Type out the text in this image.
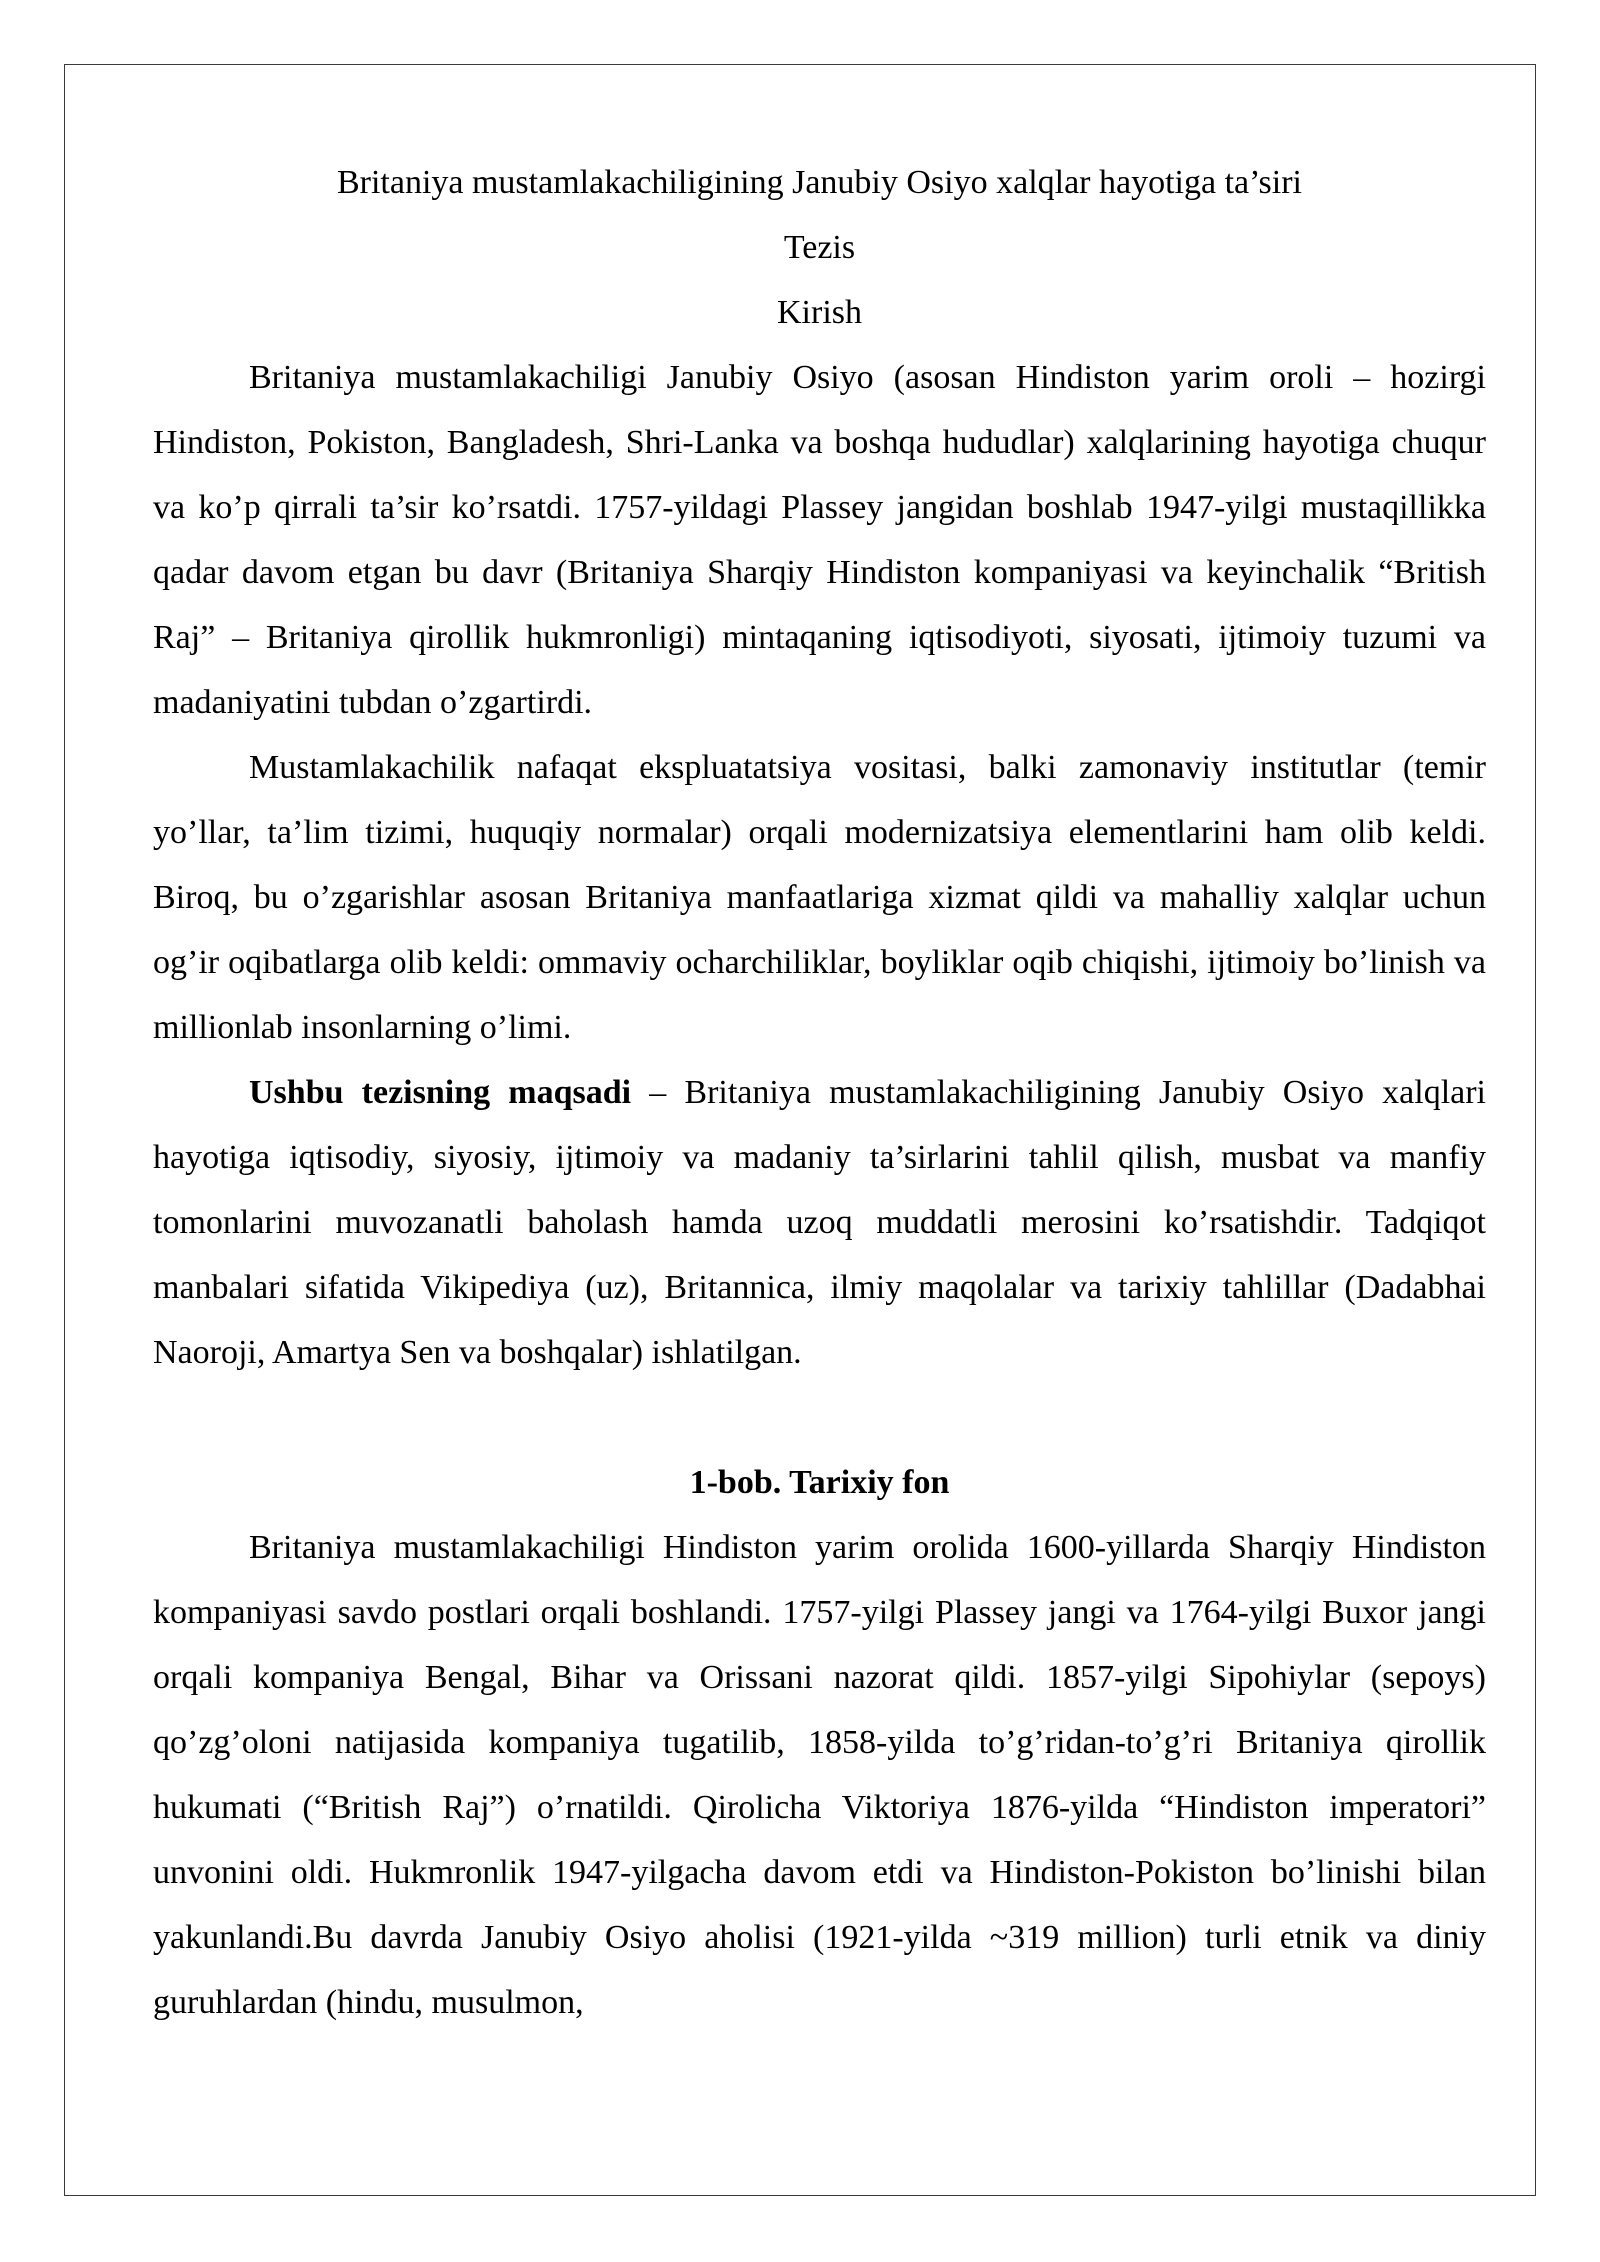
Britaniya mustamlakachiligining Janubiy Osiyo xalqlar hayotiga ta’siri

Tezis

Kirish

Britaniya mustamlakachiligi Janubiy Osiyo (asosan Hindiston yarim oroli – hozirgi Hindiston, Pokiston, Bangladesh, Shri-Lanka va boshqa hududlar) xalqlarining hayotiga chuqur va ko’p qirrali ta’sir ko’rsatdi. 1757-yildagi Plassey jangidan boshlab 1947-yilgi mustaqillikka qadar davom etgan bu davr (Britaniya Sharqiy Hindiston kompaniyasi va keyinchalik “British Raj” – Britaniya qirollik hukmronligi) mintaqaning iqtisodiyoti, siyosati, ijtimoiy tuzumi va madaniyatini tubdan o’zgartirdi.

Mustamlakachilik nafaqat ekspluatatsiya vositasi, balki zamonaviy institutlar (temir yo’llar, ta’lim tizimi, huquqiy normalar) orqali modernizatsiya elementlarini ham olib keldi. Biroq, bu o’zgarishlar asosan Britaniya manfaatlariga xizmat qildi va mahalliy xalqlar uchun og’ir oqibatlarga olib keldi: ommaviy ocharchiliklar, boyliklar oqib chiqishi, ijtimoiy bo’linish va millionlab insonlarning o’limi.

Ushbu tezisning maqsadi – Britaniya mustamlakachiligining Janubiy Osiyo xalqlari hayotiga iqtisodiy, siyosiy, ijtimoiy va madaniy ta’sirlarini tahlil qilish, musbat va manfiy tomonlarini muvozanatli baholash hamda uzoq muddatli merosini ko’rsatishdir. Tadqiqot manbalari sifatida Vikipediya (uz), Britannica, ilmiy maqolalar va tarixiy tahlillar (Dadabhai Naoroji, Amartya Sen va boshqalar) ishlatilgan.

1-bob. Tarixiy fon

Britaniya mustamlakachiligi Hindiston yarim orolida 1600-yillarda Sharqiy Hindiston kompaniyasi savdo postlari orqali boshlandi. 1757-yilgi Plassey jangi va 1764-yilgi Buxor jangi orqali kompaniya Bengal, Bihar va Orissani nazorat qildi. 1857-yilgi Sipohiylar (sepoys) qo’zg’oloni natijasida kompaniya tugatilib, 1858-yilda to’g’ridan-to’g’ri Britaniya qirollik hukumati (“British Raj”) o’rnatildi. Qirolicha Viktoriya 1876-yilda “Hindiston imperatori” unvonini oldi. Hukmronlik 1947-yilgacha davom etdi va Hindiston-Pokiston bo’linishi bilan yakunlandi.Bu davrda Janubiy Osiyo aholisi (1921-yilda ~319 million) turli etnik va diniy guruhlardan (hindu, musulmon,
